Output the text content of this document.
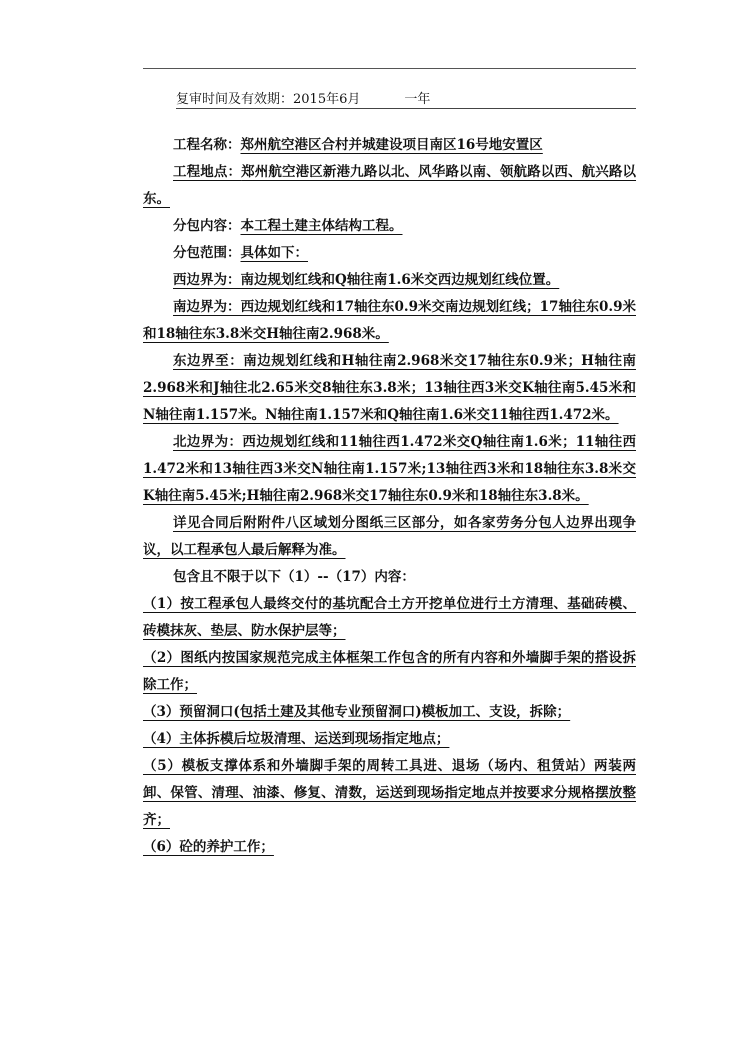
复审时间及有效期：2015年6月	一年

工程名称：郑州航空港区合村并城建设项目南区16号地安置区

工程地点：郑州航空港区新港九路以北、风华路以南、领航路以西、航兴路以东。

分包内容：本工程土建主体结构工程。

分包范围：具体如下：

西边界为：南边规划红线和Q轴往南1.6米交西边规划红线位置。

南边界为：西边规划红线和17轴往东0.9米交南边规划红线；17轴往东0.9米和18轴往东3.8米交H轴往南2.968米。

东边界至：南边规划红线和H轴往南2.968米交17轴往东0.9米；H轴往南2.968米和J轴往北2.65米交8轴往东3.8米；13轴往西3米交K轴往南5.45米和N轴往南1.157米。N轴往南1.157米和Q轴往南1.6米交11轴往西1.472米。

北边界为：西边规划红线和11轴往西1.472米交Q轴往南1.6米；11轴往西1.472米和13轴往西3米交N轴往南1.157米;13轴往西3米和18轴往东3.8米交K轴往南5.45米;H轴往南2.968米交17轴往东0.9米和18轴往东3.8米。

详见合同后附附件八区域划分图纸三区部分，如各家劳务分包人边界出现争议，以工程承包人最后解释为准。

包含且不限于以下（1）--（17）内容：

（1）按工程承包人最终交付的基坑配合土方开挖单位进行土方清理、基础砖模、砖模抹灰、垫层、防水保护层等；

（2）图纸内按国家规范完成主体框架工作包含的所有内容和外墙脚手架的搭设拆除工作；

（3）预留洞口(包括土建及其他专业预留洞口)模板加工、支设，拆除；

（4）主体拆模后垃圾清理、运送到现场指定地点；

（5）模板支撑体系和外墙脚手架的周转工具进、退场（场内、租赁站）两装两卸、保管、清理、油漆、修复、清数，运送到现场指定地点并按要求分规格摆放整齐；

（6）砼的养护工作；
